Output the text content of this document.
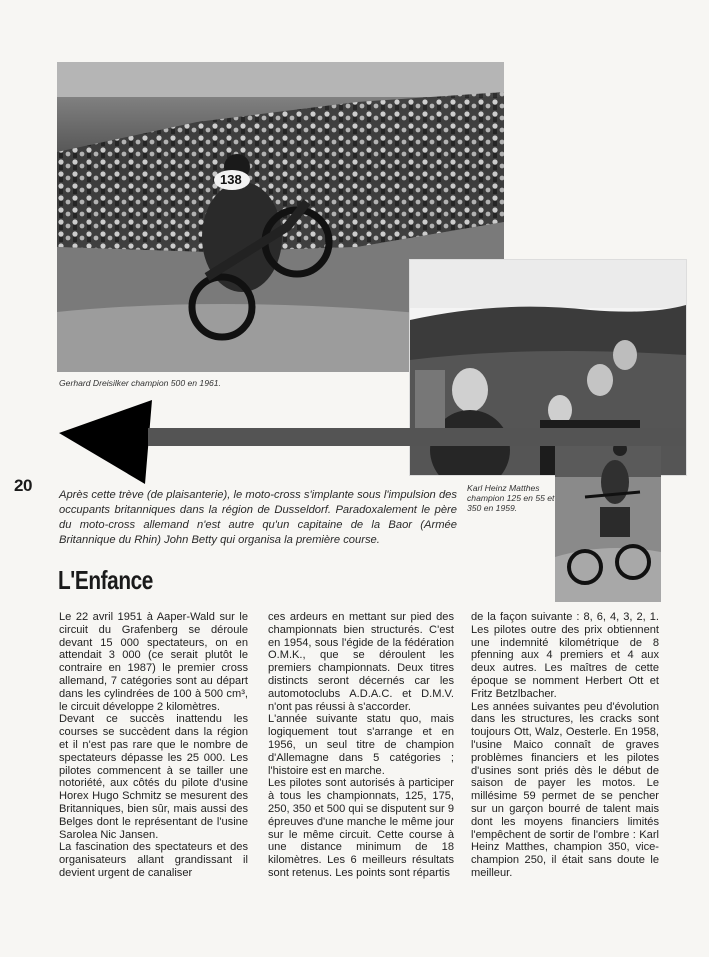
138
Gerhard Dreisilker champion 500 en 1961.
Karl Heinz Matthes champion 125 en 55 et 350 en 1959.
20 Après cette trève (de plaisanterie), le moto-cross s'implante sous l'impulsion des occupants britanniques dans la région de Dusseldorf. Paradoxalement le père du moto-cross allemand n'est autre qu'un capitaine de la Baor (Armée Britannique du Rhin) John Betty qui organisa la première course.
L'Enfance

Le 22 avril 1951 à Aaper-Wald sur le circuit du Grafenberg se déroule devant 15 000 spectateurs, on en attendait 3 000 (ce serait plutôt le contraire en 1987) le premier cross allemand, 7 catégories sont au départ dans les cylindrées de 100 à 500 cm³, le circuit développe 2 kilomètres.

Devant ce succès inattendu les courses se succèdent dans la région et il n'est pas rare que le nombre de spectateurs dépasse les 25 000. Les pilotes commencent à se tailler une notoriété, aux côtés du pilote d'usine Horex Hugo Schmitz se mesurent des Britanniques, bien sûr, mais aussi des Belges dont le représentant de l'usine Sarolea Nic Jansen.

La fascination des spectateurs et des organisateurs allant grandissant il devient urgent de canaliser

ces ardeurs en mettant sur pied des championnats bien structurés. C'est en 1954, sous l'égide de la fédération O.M.K., que se déroulent les premiers championnats. Deux titres distincts seront décernés car les automotoclubs A.D.A.C. et D.M.V. n'ont pas réussi à s'accorder.

L'année suivante statu quo, mais logiquement tout s'arrange et en 1956, un seul titre de champion d'Allemagne dans 5 catégories ; l'histoire est en marche.

Les pilotes sont autorisés à participer à tous les championnats, 125, 175, 250, 350 et 500 qui se disputent sur 9 épreuves d'une manche le même jour sur le même circuit. Cette course à une distance minimum de 18 kilomètres. Les 6 meilleurs résultats sont retenus. Les points sont répartis

de la façon suivante : 8, 6, 4, 3, 2, 1. Les pilotes outre des prix obtiennent une indemnité kilométrique de 8 pfenning aux 4 premiers et 4 aux deux autres. Les maîtres de cette époque se nomment Herbert Ott et Fritz Betzlbacher.

Les années suivantes peu d'évolution dans les structures, les cracks sont toujours Ott, Walz, Oesterle. En 1958, l'usine Maico connaît de graves problèmes financiers et les pilotes d'usines sont priés dès le début de saison de payer les motos. Le millésime 59 permet de se pencher sur un garçon bourré de talent mais dont les moyens financiers limités l'empêchent de sortir de l'ombre : Karl Heinz Matthes, champion 350, vice-champion 250, il était sans doute le meilleur.
